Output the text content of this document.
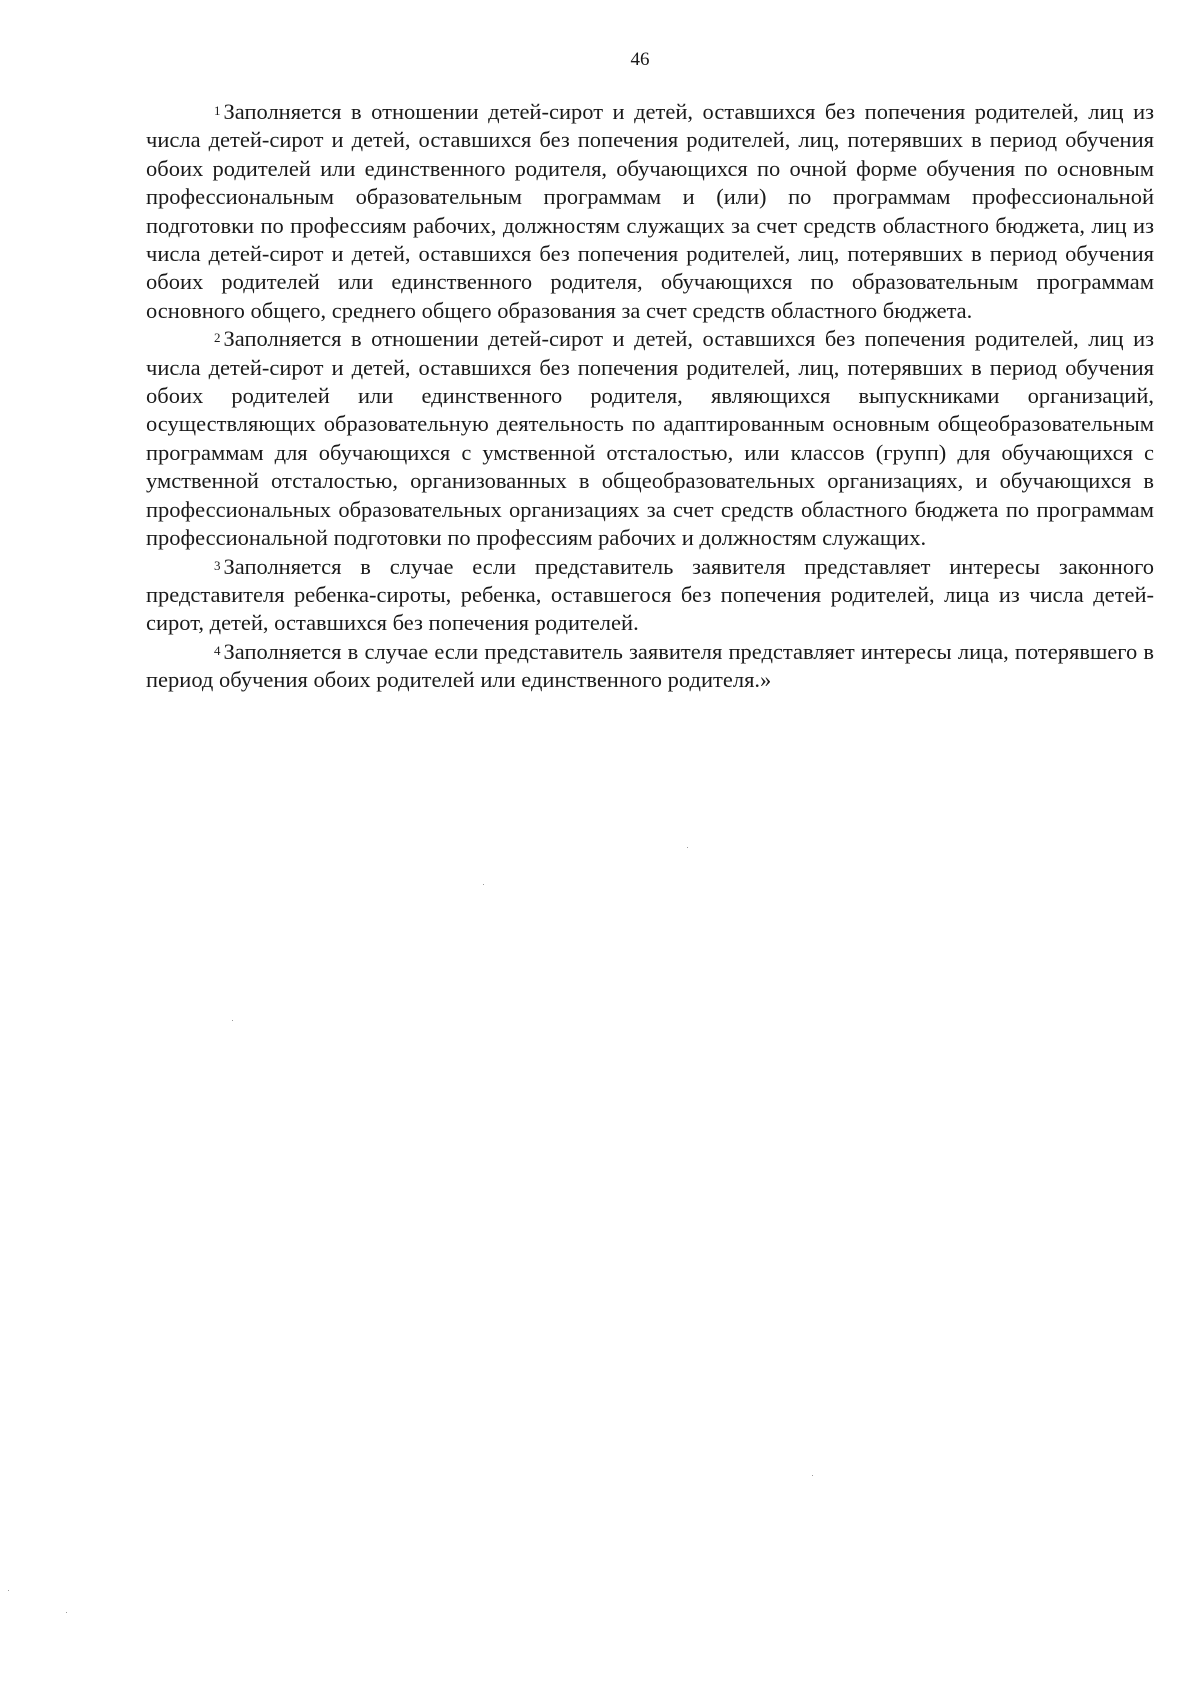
46

$^1$ Заполняется в отношении детей-сирот и детей, оставшихся без попечения родителей, лиц из числа детей-сирот и детей, оставшихся без попечения родителей, лиц, потерявших в период обучения обоих родителей или единственного родителя, обучающихся по очной форме обучения по основным профессиональным образовательным программам и (или) по программам профессиональной подготовки по профессиям рабочих, должностям служащих за счет средств областного бюджета, лиц из числа детей-сирот и детей, оставшихся без попечения родителей, лиц, потерявших в период обучения обоих родителей или единственного родителя, обучающихся по образовательным программам основного общего, среднего общего образования за счет средств областного бюджета.

$^2$ Заполняется в отношении детей-сирот и детей, оставшихся без попечения родителей, лиц из числа детей-сирот и детей, оставшихся без попечения родителей, лиц, потерявших в период обучения обоих родителей или единственного родителя, являющихся выпускниками организаций, осуществляющих образовательную деятельность по адаптированным основным общеобразовательным программам для обучающихся с умственной отсталостью, или классов (групп) для обучающихся с умственной отсталостью, организованных в общеобразовательных организациях, и обучающихся в профессиональных образовательных организациях за счет средств областного бюджета по программам профессиональной подготовки по профессиям рабочих и должностям служащих.

$^3$ Заполняется в случае если представитель заявителя представляет интересы законного представителя ребенка-сироты, ребенка, оставшегося без попечения родителей, лица из числа детей-сирот, детей, оставшихся без попечения родителей.

$^4$ Заполняется в случае если представитель заявителя представляет интересы лица, потерявшего в период обучения обоих родителей или единственного родителя.»
